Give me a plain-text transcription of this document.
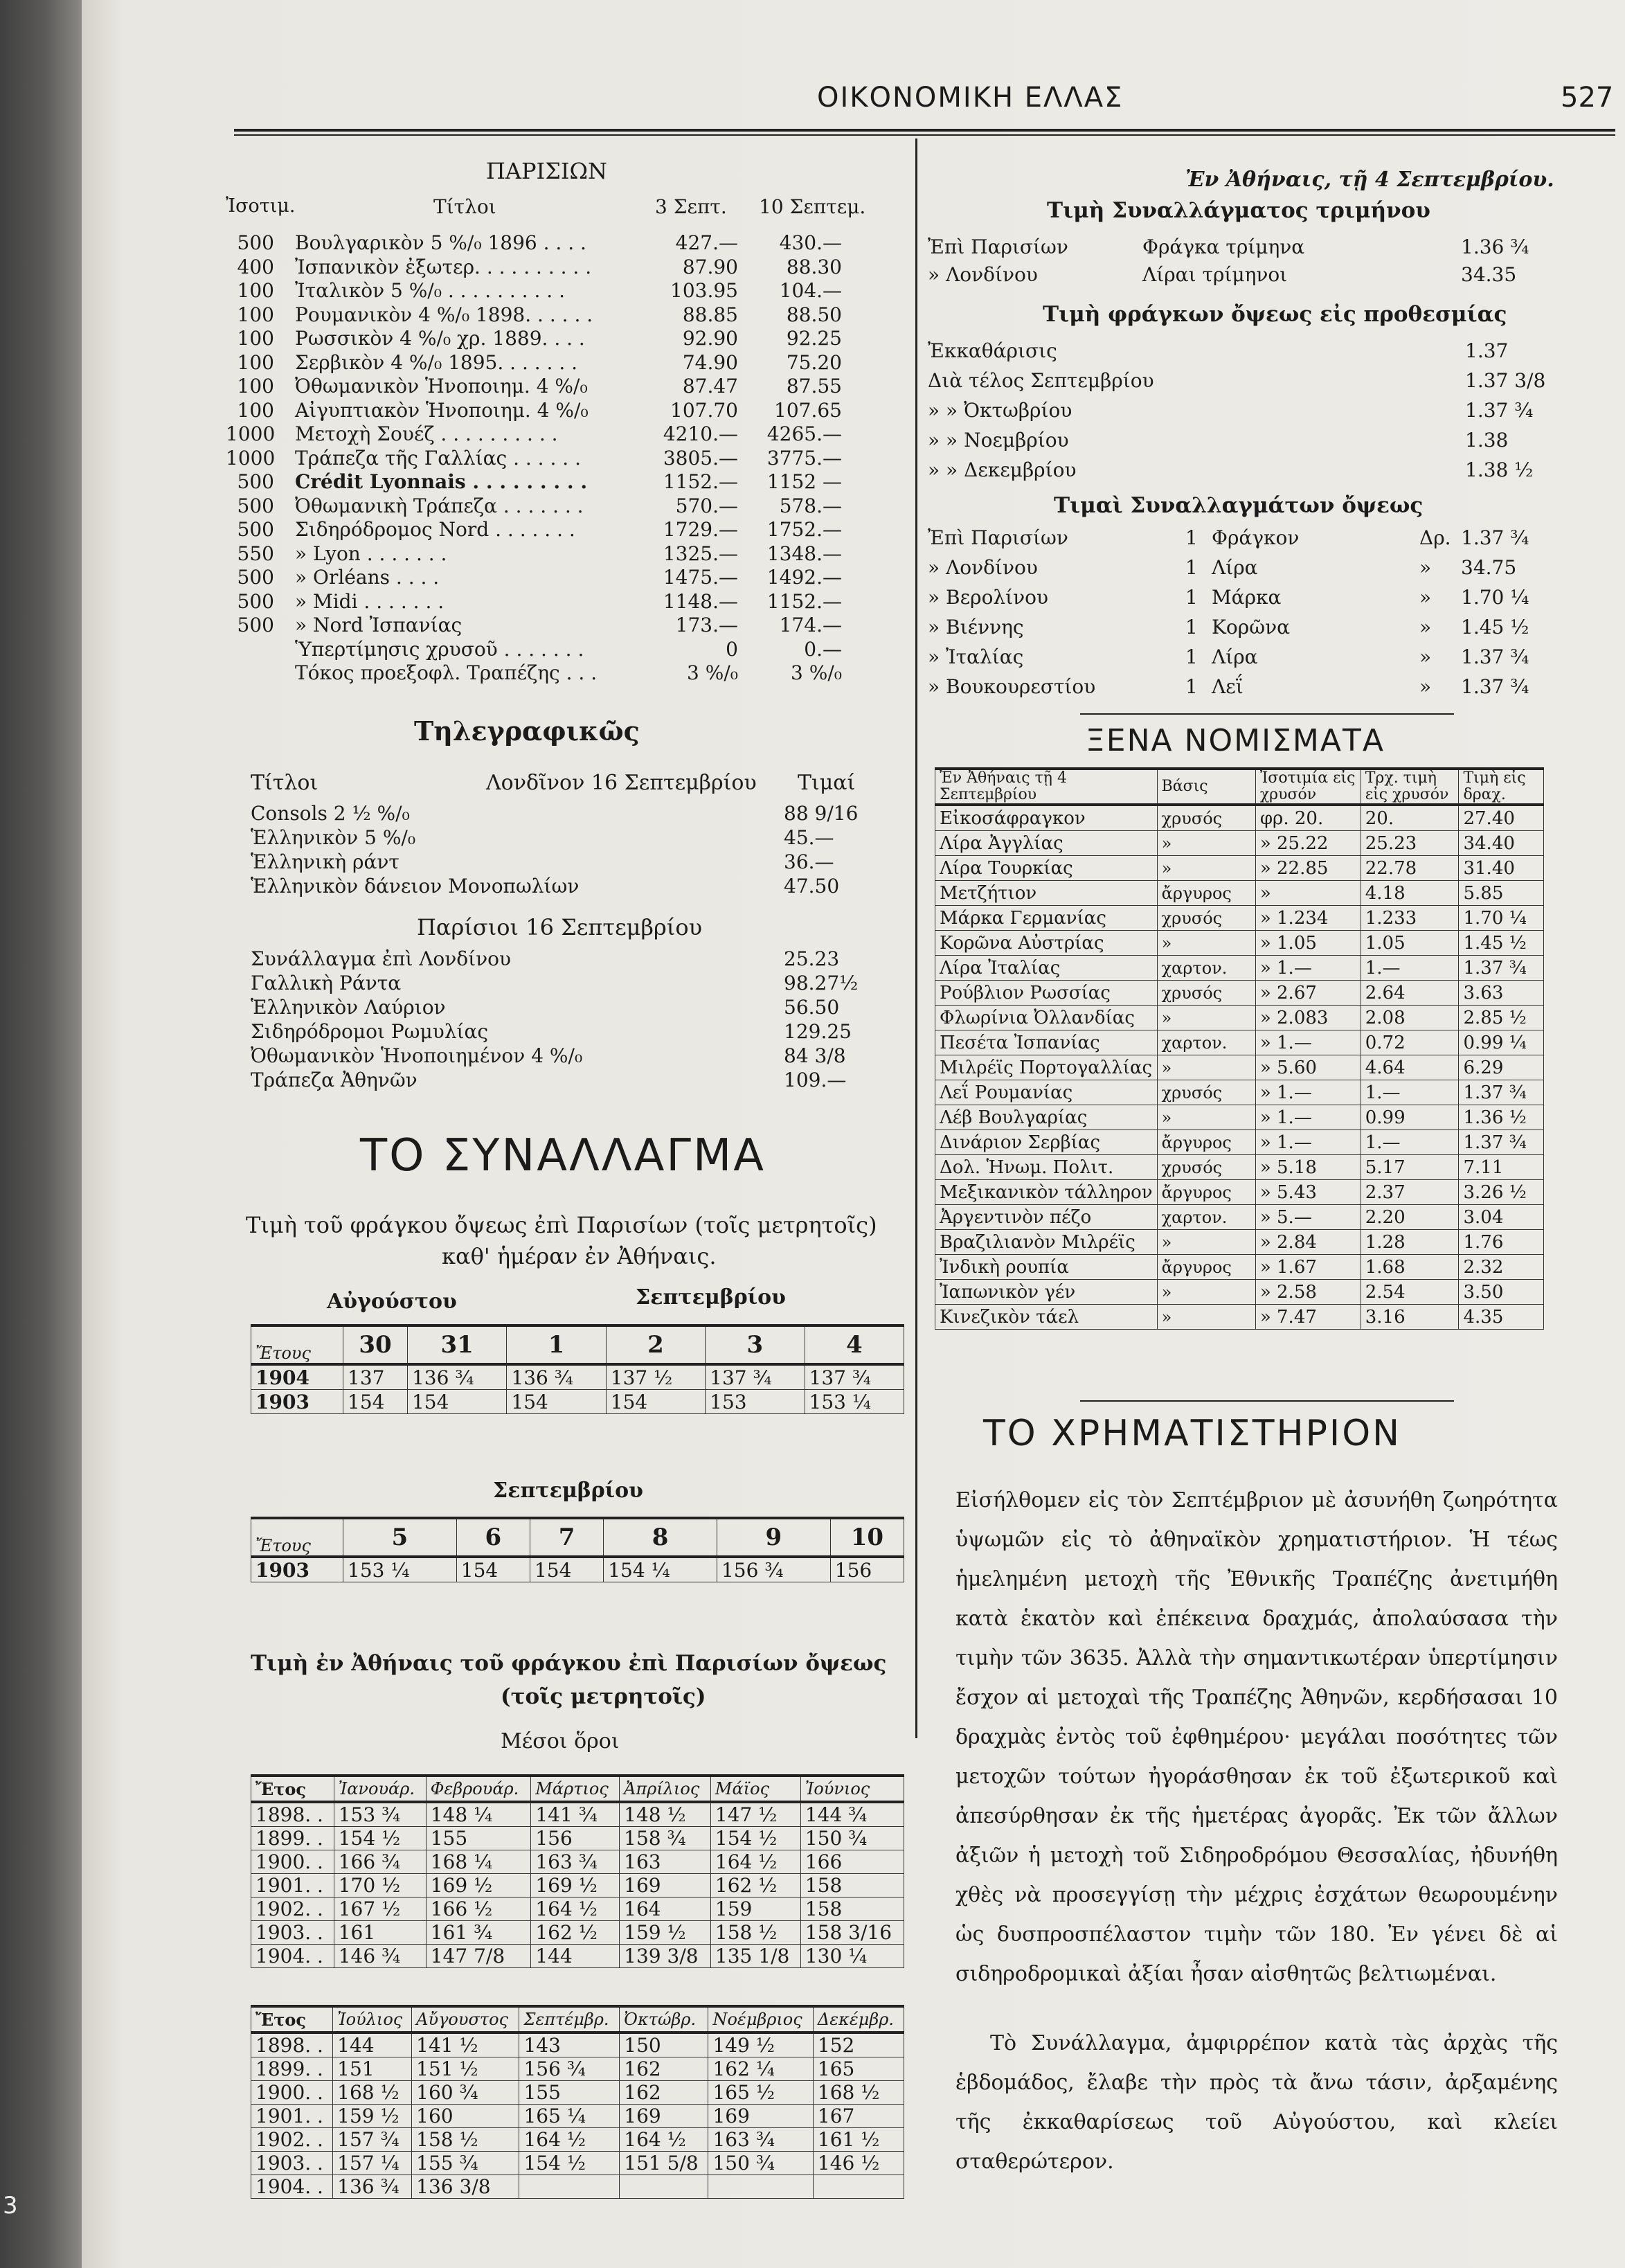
3
ΟΙΚΟΝΟΜΙΚΗ ΕΛΛΑΣ	527
ΠΑΡΙΣΙΩΝ
Ἰσοτιμ.	Τίτλοι	3 Σεπτ. 10 Σεπτεμ.
500 Βουλγαρικὸν 5 %/₀ 1896 . . . .	427.—	430.—
400 Ἰσπανικὸν ἐξωτερ. . . . . . . . . .	87.90	88.30
100 Ἰταλικὸν 5 %/₀ . . . . . . . . . .	103.95	104.—
100 Ρουμανικὸν 4 %/₀ 1898. . . . . .	88.85	88.50
100 Ρωσσικὸν 4 %/₀ χρ. 1889. . . .	92.90	92.25
100 Σερβικὸν 4 %/₀ 1895. . . . . . .	74.90	75.20
100 Ὀθωμανικὸν Ἡνοποιημ. 4 %/₀	87.47	87.55
100 Αἰγυπτιακὸν Ἡνοποιημ. 4 %/₀	107.70	107.65
1000 Μετοχὴ Σουέζ . . . . . . . . . .	4210.—	4265.—
1000 Τράπεζα τῆς Γαλλίας . . . . . .	3805.—	3775.—
500 Crédit Lyonnais . . . . . . . . .	1152.—	1152 —
500 Ὀθωμανικὴ Τράπεζα . . . . . . .	570.—	578.—
500 Σιδηρόδρομος Nord . . . . . . .	1729.—	1752.—
550 » Lyon . . . . . . .	1325.—	1348.—
500 » Orléans . . . .	1475.—	1492.—
500 » Midi . . . . . . .	1148.—	1152.—
500 » Nord Ἰσπανίας	173.—	174.—
Ὑπερτίμησις χρυσοῦ . . . . . . .	0	0.—
Τόκος προεξοφλ. Τραπέζης . . .	3 %/₀	3 %/₀
Τηλεγραφικῶς
Τίτλοι	Λονδῖνον 16 Σεπτεμβρίου Τιμαί
Consols 2 ½ %/₀	88 9/16
Ἑλληνικὸν 5 %/₀	45.—
Ἑλληνικὴ ράντ	36.—
Ἑλληνικὸν δάνειον Μονοπωλίων	47.50
Παρίσιοι 16 Σεπτεμβρίου
Συνάλλαγμα ἐπὶ Λονδίνου	25.23
Γαλλικὴ Ράντα	98.27½
Ἑλληνικὸν Λαύριον	56.50
Σιδηρόδρομοι Ρωμυλίας	129.25
Ὀθωμανικὸν Ἡνοποιημένον 4 %/₀	84 3/8
Τράπεζα Ἀθηνῶν	109.—
ΤΟ ΣΥΝΑΛΛΑΓΜΑ
Τιμὴ τοῦ φράγκου ὄψεως ἐπὶ Παρισίων (τοῖς μετρητοῖς)
καθ' ἡμέραν ἐν Ἀθήναις.
Αὐγούστου	Σεπτεμβρίου
Ἔτους	30	31	1	2	3	4
1904	137	136 ¾	136 ¾	137 ½	137 ¾	137 ¾
1903	154	154	154	154	153	153 ¼
Σεπτεμβρίου
Ἔτους	5	6	7	8	9	10
1903	153 ¼	154	154	154 ¼	156 ¾	156
Τιμὴ ἐν Ἀθήναις τοῦ φράγκου ἐπὶ Παρισίων ὄψεως
(τοῖς μετρητοῖς)
Μέσοι ὅροι
Ἔτος	Ἰανουάρ.	Φεβρουάρ.	Μάρτιος	Ἀπρίλιος	Μάϊος	Ἰούνιος
1898. .	153 ¾	148 ¼	141 ¾	148 ½	147 ½	144 ¾
1899. .	154 ½	155	156	158 ¾	154 ½	150 ¾
1900. .	166 ¾	168 ¼	163 ¾	163	164 ½	166
1901. .	170 ½	169 ½	169 ½	169	162 ½	158
1902. .	167 ½	166 ½	164 ½	164	159	158
1903. .	161	161 ¾	162 ½	159 ½	158 ½	158 3/16
1904. .	146 ¾	147 7/8	144	139 3/8	135 1/8	130 ¼
Ἔτος	Ἰούλιος	Αὔγουστος	Σεπτέμβρ.	Ὀκτώβρ.	Νοέμβριος	Δεκέμβρ.
1898. .	144	141 ½	143	150	149 ½	152
1899. .	151	151 ½	156 ¾	162	162 ¼	165
1900. .	168 ½	160 ¾	155	162	165 ½	168 ½
1901. .	159 ½	160	165 ¼	169	169	167
1902. .	157 ¾	158 ½	164 ½	164 ½	163 ¾	161 ½
1903. .	157 ¼	155 ¾	154 ½	151 5/8	150 ¾	146 ½
1904. .	136 ¾	136 3/8				
Ἐν Ἀθήναις, τῇ 4 Σεπτεμβρίου.
Τιμὴ Συναλλάγματος τριμήνου
Ἐπὶ Παρισίων	Φράγκα τρίμηνα	1.36 ¾
» Λονδίνου	Λίραι τρίμηνοι	34.35
Τιμὴ φράγκων ὄψεως εἰς προθεσμίας
Ἐκκαθάρισις	1.37
Διὰ τέλος Σεπτεμβρίου	1.37 3/8
» » Ὀκτωβρίου	1.37 ¾
» » Νοεμβρίου	1.38
» » Δεκεμβρίου	1.38 ½
Τιμαὶ Συναλλαγμάτων ὄψεως
Ἐπὶ Παρισίων	1 Φράγκον	Δρ. 1.37 ¾
» Λονδίνου	1 Λίρα	» 34.75
» Βερολίνου	1 Μάρκα	» 1.70 ¼
» Βιέννης	1 Κορῶνα	» 1.45 ½
» Ἰταλίας	1 Λίρα	» 1.37 ¾
» Βουκουρεστίου	1 Λεΐ	» 1.37 ¾
ΞΕΝΑ ΝΟΜΙΣΜΑΤΑ
Ἐν Ἀθήναις τῇ 4 Σεπτεμβρίου	Βάσις	Ἰσοτιμία εἰς χρυσόν	Τρχ. τιμὴ εἰς χρυσόν	Τιμὴ εἰς δραχ.
Εἰκοσάφραγκον	χρυσός	φρ. 20.	20.	27.40
Λίρα Ἀγγλίας	»	» 25.22	25.23	34.40
Λίρα Τουρκίας	»	» 22.85	22.78	31.40
Μετζήτιον	ἄργυρος	»	4.18	5.85
Μάρκα Γερμανίας	χρυσός	» 1.234	1.233	1.70 ¼
Κορῶνα Αὐστρίας	»	» 1.05	1.05	1.45 ½
Λίρα Ἰταλίας	χαρτον.	» 1.—	1.—	1.37 ¾
Ρούβλιον Ρωσσίας	χρυσός	» 2.67	2.64	3.63
Φλωρίνια Ὀλλανδίας	»	» 2.083	2.08	2.85 ½
Πεσέτα Ἰσπανίας	χαρτον.	» 1.—	0.72	0.99 ¼
Μιλρέϊς Πορτογαλλίας	»	» 5.60	4.64	6.29
Λεΐ Ρουμανίας	χρυσός	» 1.—	1.—	1.37 ¾
Λέβ Βουλγαρίας	»	» 1.—	0.99	1.36 ½
Δινάριον Σερβίας	ἄργυρος	» 1.—	1.—	1.37 ¾
Δολ. Ἡνωμ. Πολιτ.	χρυσός	» 5.18	5.17	7.11
Μεξικανικὸν τάλληρον	ἄργυρος	» 5.43	2.37	3.26 ½
Ἀργεντινὸν πέζο	χαρτον.	» 5.—	2.20	3.04
Βραζιλιανὸν Μιλρέϊς	»	» 2.84	1.28	1.76
Ἰνδικὴ ρουπία	ἄργυρος	» 1.67	1.68	2.32
Ἰαπωνικὸν γέν	»	» 2.58	2.54	3.50
Κινεζικὸν τάελ	»	» 7.47	3.16	4.35
ΤΟ ΧΡΗΜΑΤΙΣΤΗΡΙΟΝ
Εἰσήλθομεν εἰς τὸν Σεπτέμβριον μὲ ἀσυνήθη ζωηρότητα ὑψωμῶν εἰς τὸ ἀθηναϊκὸν χρηματιστήριον. Ἡ τέως ἡμελημένη μετοχὴ τῆς Ἐθνικῆς Τραπέζης ἀνετιμήθη κατὰ ἑκατὸν καὶ ἐπέκεινα δραχμάς, ἀπολαύσασα τὴν τιμὴν τῶν 3635. Ἀλλὰ τὴν σημαντικωτέραν ὑπερτίμησιν ἔσχον αἱ μετοχαὶ τῆς Τραπέζης Ἀθηνῶν, κερδήσασαι 10 δραχμὰς ἐντὸς τοῦ ἐφθημέρου· μεγάλαι ποσότητες τῶν μετοχῶν τούτων ἠγοράσθησαν ἐκ τοῦ ἐξωτερικοῦ καὶ ἀπεσύρθησαν ἐκ τῆς ἡμετέρας ἀγορᾶς. Ἐκ τῶν ἄλλων ἀξιῶν ἡ μετοχὴ τοῦ Σιδηροδρόμου Θεσσαλίας, ἠδυνήθη χθὲς νὰ προσεγγίσῃ τὴν μέχρις ἐσχάτων θεωρουμένην ὡς δυσπροσπέλαστον τιμὴν τῶν 180. Ἐν γένει δὲ αἱ σιδηροδρομικαὶ ἀξίαι ἦσαν αἰσθητῶς βελτιωμέναι.
Τὸ Συνάλλαγμα, ἀμφιρρέπον κατὰ τὰς ἀρχὰς τῆς ἑβδομάδος, ἔλαβε τὴν πρὸς τὰ ἄνω τάσιν, ἀρξαμένης τῆς ἐκκαθαρίσεως τοῦ Αὐγούστου, καὶ κλείει σταθερώτερον.
